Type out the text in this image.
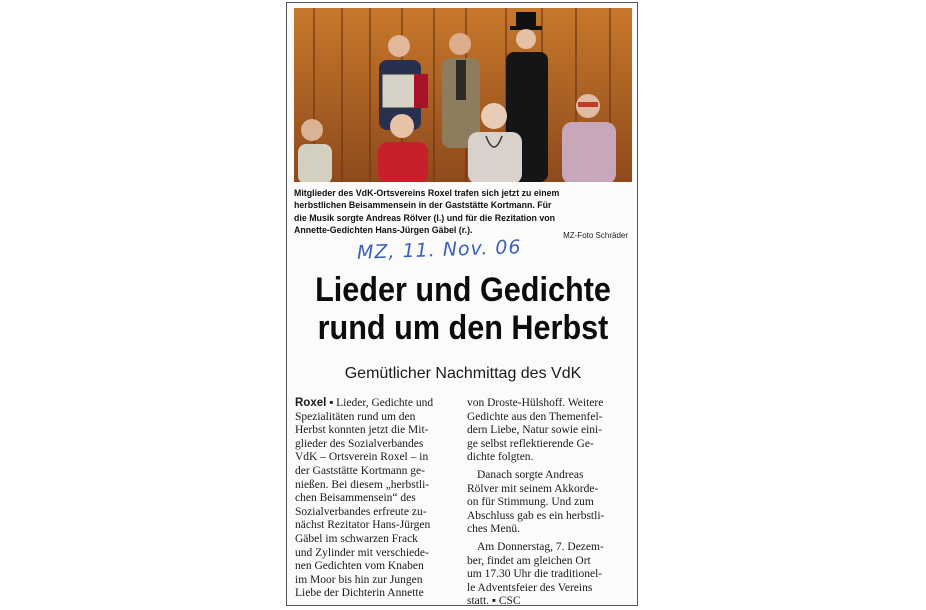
Mitglieder des VdK-Ortsvereins Roxel trafen sich jetzt zu einem
herbstlichen Beisammensein in der Gaststätte Kortmann. Für
die Musik sorgte Andreas Rölver (l.) und für die Rezitation von
Annette-Gedichten Hans-Jürgen Gäbel (r.).	MZ-Foto Schräder
MZ, 11. Nov. 06
Lieder und Gedichte
rund um den Herbst
Gemütlicher Nachmittag des VdK
Roxel ▪ Lieder, Gedichte und
Spezialitäten rund um den
Herbst konnten jetzt die Mit-
glieder des Sozialverbandes
VdK – Ortsverein Roxel – in
der Gaststätte Kortmann ge-
nießen. Bei diesem „herbstli-
chen Beisammensein“ des
Sozialverbandes erfreute zu-
nächst Rezitator Hans-Jürgen
Gäbel im schwarzen Frack
und Zylinder mit verschiede-
nen Gedichten vom Knaben
im Moor bis hin zur Jungen
Liebe der Dichterin Annette
von Droste-Hülshoff. Weitere
Gedichte aus den Themenfel-
dern Liebe, Natur sowie eini-
ge selbst reflektierende Ge-
dichte folgten.
Danach sorgte Andreas
Rölver mit seinem Akkorde-
on für Stimmung. Und zum
Abschluss gab es ein herbstli-
ches Menü.
Am Donnerstag, 7. Dezem-
ber, findet am gleichen Ort
um 17.30 Uhr die traditionel-
le Adventsfeier des Vereins
statt. ▪ CSC
